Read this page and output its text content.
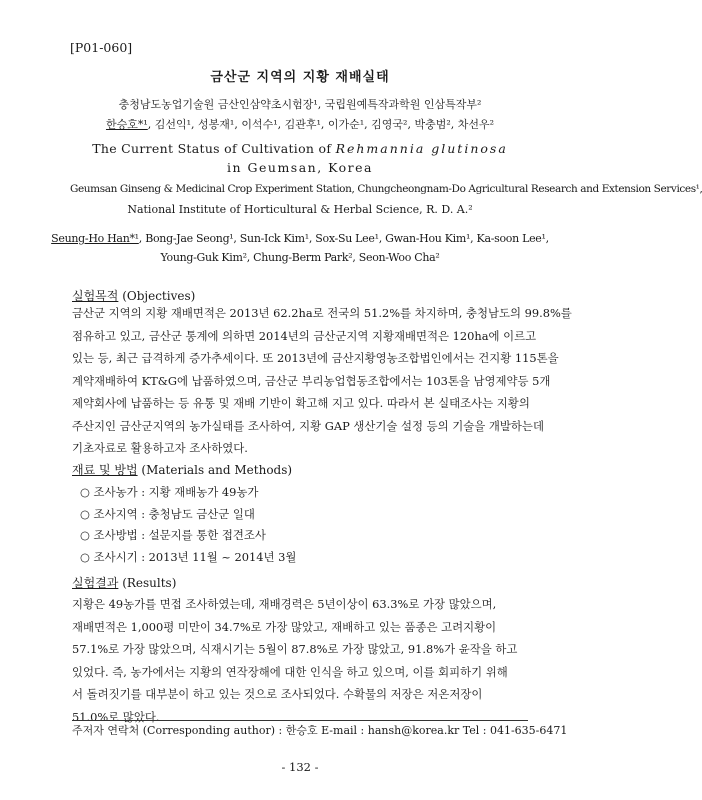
[P01-060]
금산군 지역의 지황 재배실태
충청남도농업기술원 금산인삼약초시험장¹, 국립원예특작과학원 인삼특작부²
한승호*¹, 김선익¹, 성봉재¹, 이석수¹, 김관후¹, 이가순¹, 김영국², 박충범², 차선우²
The Current Status of Cultivation of Rehmannia glutinosa
in Geumsan, Korea
Geumsan Ginseng & Medicinal Crop Experiment Station, Chungcheongnam-Do Agricultural Research and Extension Services¹,
National Institute of Horticultural & Herbal Science, R. D. A.²
Seung-Ho Han*¹, Bong-Jae Seong¹, Sun-Ick Kim¹, Sox-Su Lee¹, Gwan-Hou Kim¹, Ka-soon Lee¹,
Young-Guk Kim², Chung-Berm Park², Seon-Woo Cha²
실험목적 (Objectives)
금산군 지역의 지황 재배면적은 2013년 62.2ha로 전국의 51.2%를 차지하며, 충청남도의 99.8%를
점유하고 있고, 금산군 통계에 의하면 2014년의 금산군지역 지황재배면적은 120ha에 이르고
있는 등, 최근 급격하게 증가추세이다. 또 2013년에 금산지황영농조합법인에서는 건지황 115톤을
계약재배하여 KT&G에 납품하였으며, 금산군 부리농업협동조합에서는 103톤을 남영제약등 5개
제약회사에 납품하는 등 유통 및 재배 기반이 확고해 지고 있다. 따라서 본 실태조사는 지황의
주산지인 금산군지역의 농가실태를 조사하여, 지황 GAP 생산기술 설정 등의 기술을 개발하는데
기초자료로 활용하고자 조사하였다.
재료 및 방법 (Materials and Methods)
○ 조사농가 : 지황 재배농가 49농가
○ 조사지역 : 충청남도 금산군 일대
○ 조사방법 : 설문지를 통한 접견조사
○ 조사시기 : 2013년 11월 ~ 2014년 3월
실험결과 (Results)
지황은 49농가를 면접 조사하였는데, 재배경력은 5년이상이 63.3%로 가장 많았으며,
재배면적은 1,000평 미만이 34.7%로 가장 많았고, 재배하고 있는 품종은 고려지황이
57.1%로 가장 많았으며, 식재시기는 5월이 87.8%로 가장 많았고, 91.8%가 윤작을 하고
있었다. 즉, 농가에서는 지황의 연작장해에 대한 인식을 하고 있으며, 이를 회피하기 위해
서 돌려짓기를 대부분이 하고 있는 것으로 조사되었다. 수확물의 저장은 저온저장이
51.0%로 많았다.
주저자 연락처 (Corresponding author) : 한승호 E-mail : hansh@korea.kr Tel : 041-635-6471
- 132 -
